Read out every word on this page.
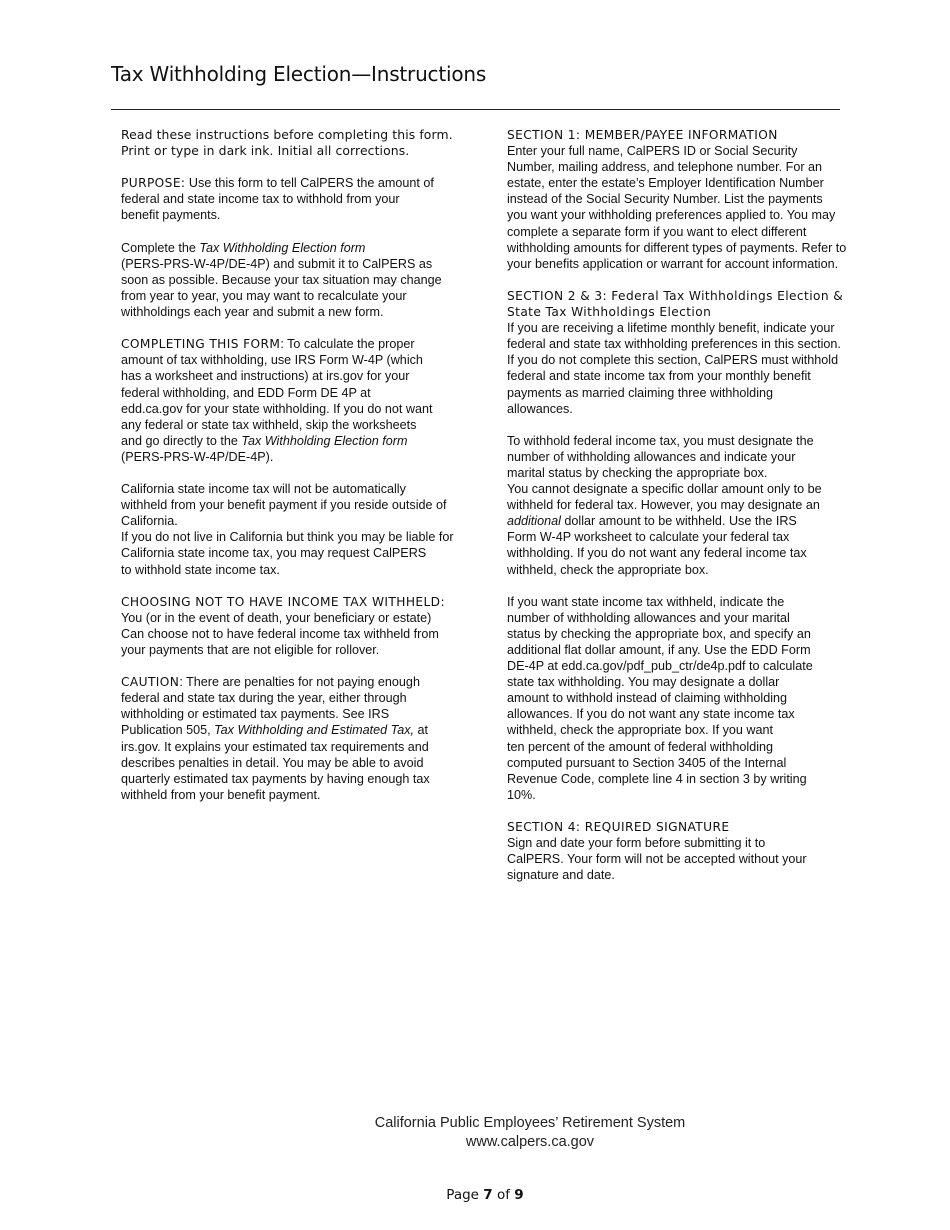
Tax Withholding Election—Instructions

Read these instructions before completing this form.
Print or type in dark ink. Initial all corrections.

PURPOSE: Use this form to tell CalPERS the amount of
federal and state income tax to withhold from your
benefit payments.

Complete the Tax Withholding Election form
(PERS-PRS-W-4P/DE-4P) and submit it to CalPERS as
soon as possible. Because your tax situation may change
from year to year, you may want to recalculate your
withholdings each year and submit a new form.

COMPLETING THIS FORM: To calculate the proper
amount of tax withholding, use IRS Form W-4P (which
has a worksheet and instructions) at irs.gov for your
federal withholding, and EDD Form DE 4P at
edd.ca.gov for your state withholding. If you do not want
any federal or state tax withheld, skip the worksheets
and go directly to the Tax Withholding Election form
(PERS-PRS-W-4P/DE-4P).

California state income tax will not be automatically
withheld from your benefit payment if you reside outside of
California.

If you do not live in California but think you may be liable for
California state income tax, you may request CalPERS
to withhold state income tax.

CHOOSING NOT TO HAVE INCOME TAX WITHHELD:
You (or in the event of death, your beneficiary or estate)
Can choose not to have federal income tax withheld from
your payments that are not eligible for rollover.

CAUTION: There are penalties for not paying enough
federal and state tax during the year, either through
withholding or estimated tax payments. See IRS
Publication 505, Tax Withholding and Estimated Tax, at
irs.gov. It explains your estimated tax requirements and
describes penalties in detail. You may be able to avoid
quarterly estimated tax payments by having enough tax
withheld from your benefit payment.

SECTION 1: MEMBER/PAYEE INFORMATION
Enter your full name, CalPERS ID or Social Security
Number, mailing address, and telephone number. For an
estate, enter the estate’s Employer Identification Number
instead of the Social Security Number. List the payments
you want your withholding preferences applied to. You may
complete a separate form if you want to elect different
withholding amounts for different types of payments. Refer to
your benefits application or warrant for account information.

SECTION 2 & 3: Federal Tax Withholdings Election &
State Tax Withholdings Election
If you are receiving a lifetime monthly benefit, indicate your
federal and state tax withholding preferences in this section.
If you do not complete this section, CalPERS must withhold
federal and state income tax from your monthly benefit
payments as married claiming three withholding
allowances.

To withhold federal income tax, you must designate the
number of withholding allowances and indicate your
marital status by checking the appropriate box.

You cannot designate a specific dollar amount only to be
withheld for federal tax. However, you may designate an
additional dollar amount to be withheld. Use the IRS
Form W-4P worksheet to calculate your federal tax
withholding. If you do not want any federal income tax
withheld, check the appropriate box.

If you want state income tax withheld, indicate the
number of withholding allowances and your marital
status by checking the appropriate box, and specify an
additional flat dollar amount, if any. Use the EDD Form
DE-4P at edd.ca.gov/pdf_pub_ctr/de4p.pdf to calculate
state tax withholding. You may designate a dollar
amount to withhold instead of claiming withholding
allowances. If you do not want any state income tax
withheld, check the appropriate box. If you want
ten percent of the amount of federal withholding
computed pursuant to Section 3405 of the Internal
Revenue Code, complete line 4 in section 3 by writing
10%.

SECTION 4: REQUIRED SIGNATURE
Sign and date your form before submitting it to
CalPERS. Your form will not be accepted without your
signature and date.

California Public Employees’ Retirement System
www.calpers.ca.gov
Page 7 of 9
